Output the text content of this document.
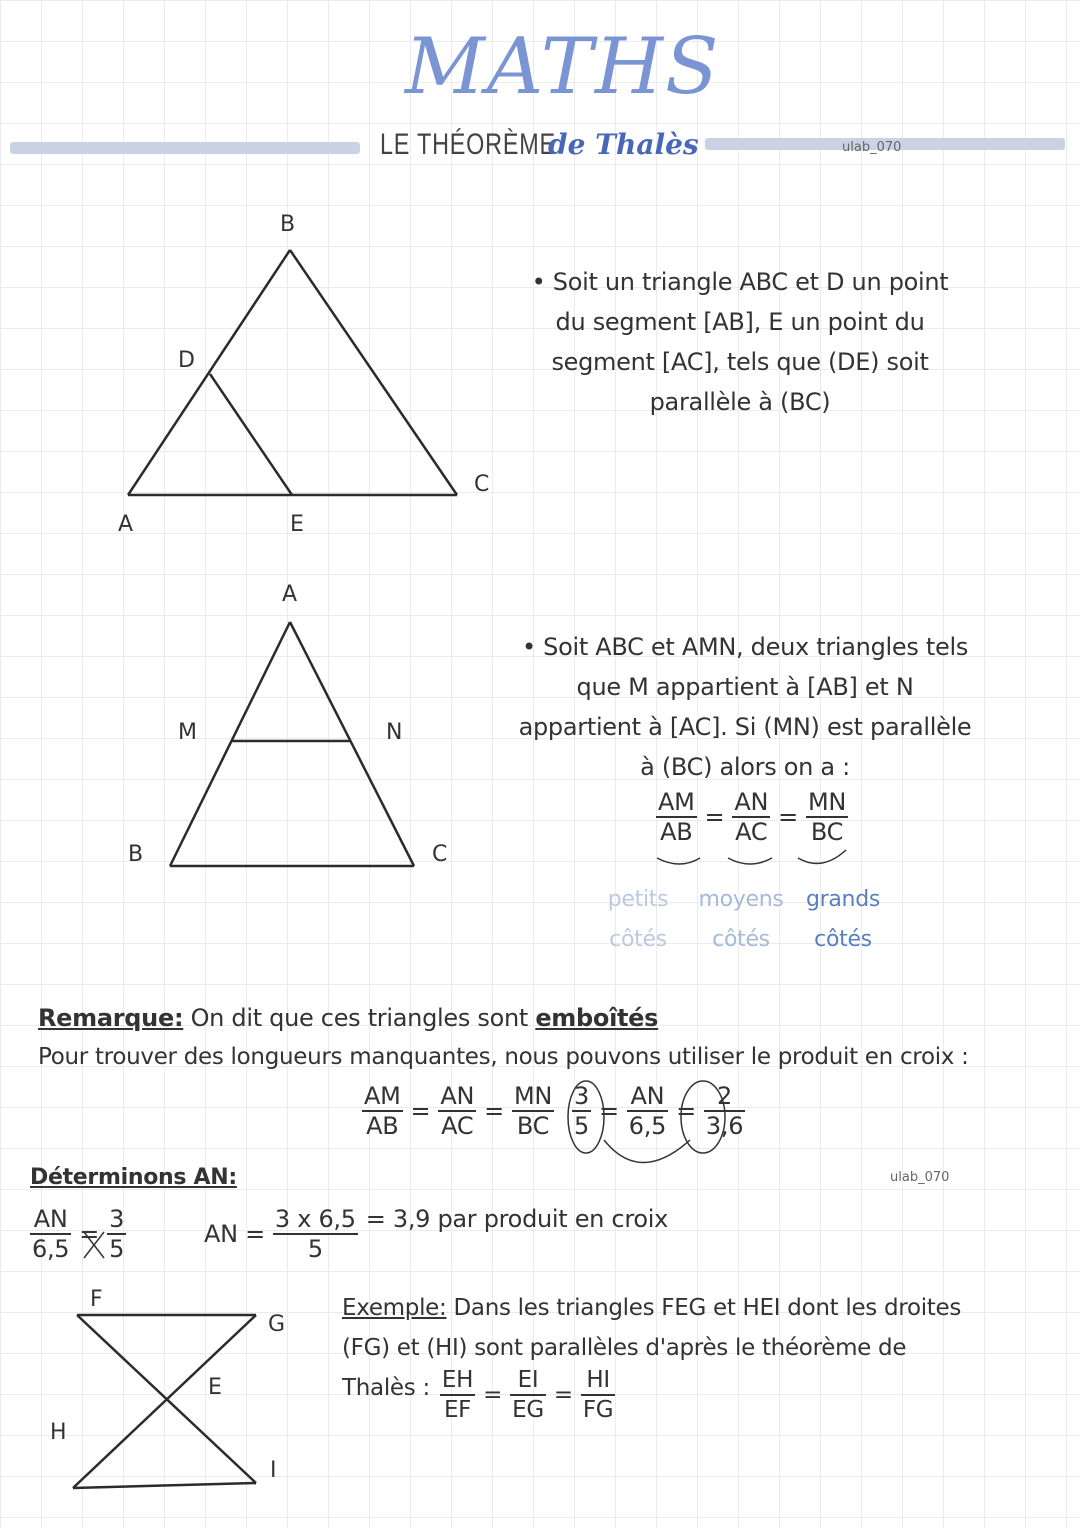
MATHS
LE THÉORÈME
de Thalès	ulab_070
B
D
A	E
C
• Soit un triangle ABC et D un point
du segment [AB], E un point du
segment [AC], tels que (DE) soit
parallèle à (BC)
A
M	N
B	C
• Soit ABC et AMN, deux triangles tels
que M appartient à [AB] et N
appartient à [AC]. Si (MN) est parallèle
à (BC) alors on a :
$\frac{AM}{AB} = \frac{AN}{AC} = \frac{MN}{BC}$
petits
côtés
moyens
côtés
grands
côtés
Remarque: On dit que ces triangles sont emboîtés
Pour trouver des longueurs manquantes, nous pouvons utiliser le produit en croix :
$\frac{AM}{AB} = \frac{AN}{AC} = \frac{MN}{BC} \frac{3}{5} = \frac{AN}{6,5} = \frac{2}{3,6}$
Déterminons AN:	ulab_070
$\frac{AN}{6,5} = \frac{3}{5}$	AN = $\frac{3 x 6,5}{5} = 3,9$ par produit en croix
F
G
E
H
I
Exemple: Dans les triangles FEG et HEI dont les droites
(FG) et (HI) sont parallèles d'après le théorème de
Thalès : $\frac{EH}{EF} = \frac{EI}{EG} = \frac{HI}{FG}$
